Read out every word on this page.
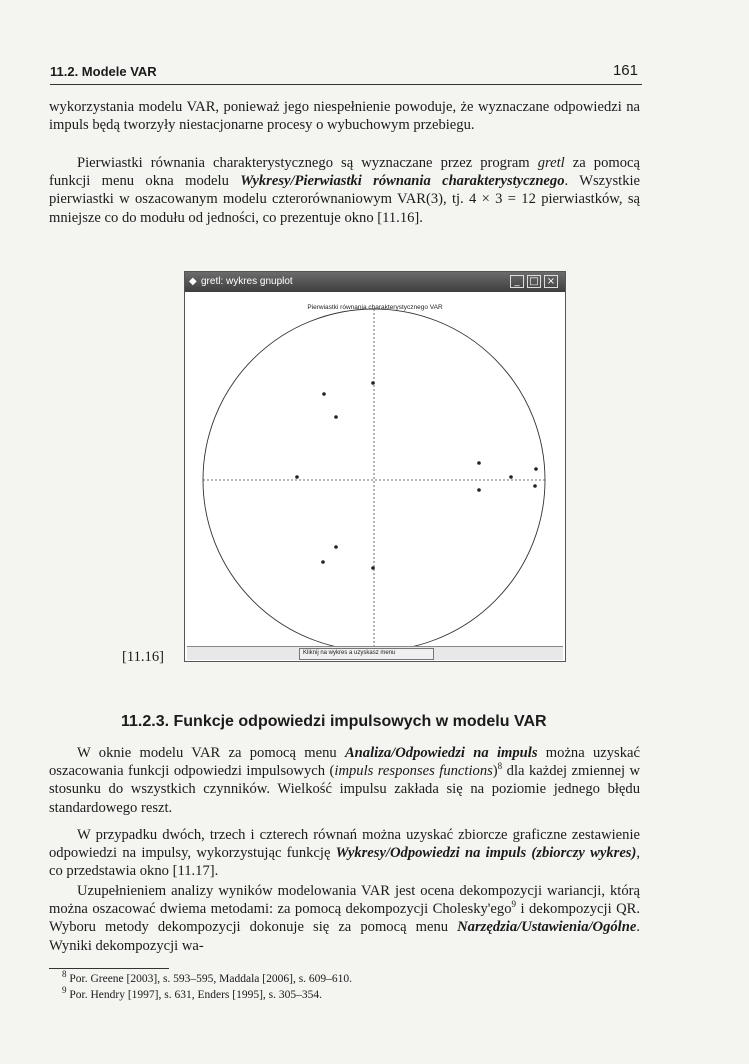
11.2. Modele VAR	161

wykorzystania modelu VAR, ponieważ jego niespełnienie powoduje, że wyznaczane odpowiedzi na impuls będą tworzyły niestacjonarne procesy o wybuchowym przebiegu.

Pierwiastki równania charakterystycznego są wyznaczane przez program gretl za pomocą funkcji menu okna modelu Wykresy/Pierwiastki równania charakterystycznego. Wszystkie pierwiastki w oszacowanym modelu czterorównaniowym VAR(3), tj. 4 × 3 = 12 pierwiastków, są mniejsze co do modułu od jedności, co prezentuje okno [11.16].

◆ gretl: wykres gnuplot	_ □ ×
Pierwiastki równania charakterystycznego VAR
Kliknij na wykres a uzyskasz menu
[11.16]
11.2.3. Funkcje odpowiedzi impulsowych w modelu VAR

W oknie modelu VAR za pomocą menu Analiza/Odpowiedzi na impuls można uzyskać oszacowania funkcji odpowiedzi impulsowych (impuls responses functions)$^8$ dla każdej zmiennej w stosunku do wszystkich czynników. Wielkość impulsu zakłada się na poziomie jednego błędu standardowego reszt.

W przypadku dwóch, trzech i czterech równań można uzyskać zbiorcze graficzne zestawienie odpowiedzi na impulsy, wykorzystując funkcję Wykresy/Odpowiedzi na impuls (zbiorczy wykres), co przedstawia okno [11.17].

Uzupełnieniem analizy wyników modelowania VAR jest ocena dekompozycji wariancji, którą można oszacować dwiema metodami: za pomocą dekompozycji Cholesky'ego$^9$ i dekompozycji QR. Wyboru metody dekompozycji dokonuje się za pomocą menu Narzędzia/Ustawienia/Ogólne. Wyniki dekompozycji wa-

$^8$ Por. Greene [2003], s. 593–595, Maddala [2006], s. 609–610.
$^9$ Por. Hendry [1997], s. 631, Enders [1995], s. 305–354.
